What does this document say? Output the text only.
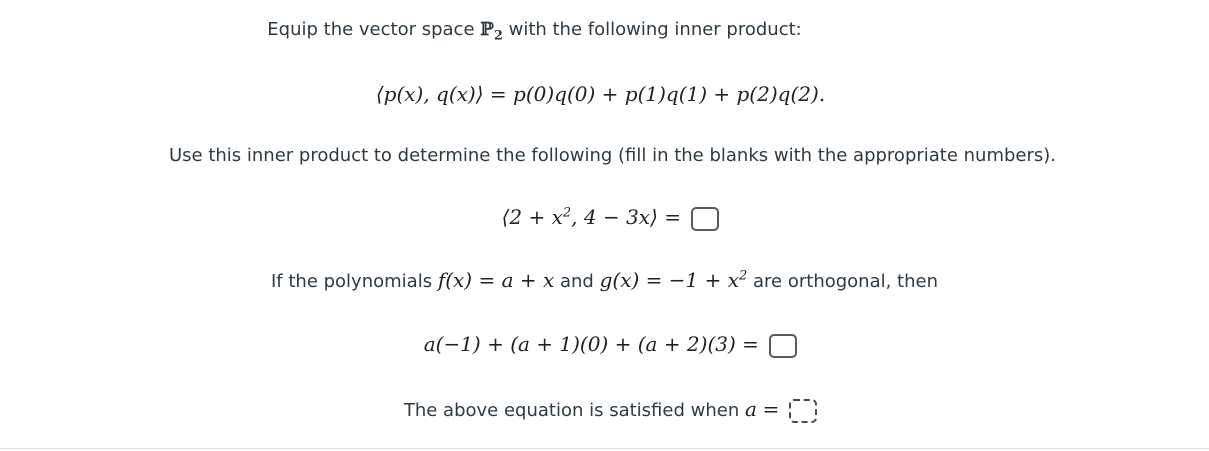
Equip the vector space ℙ$_2$ with the following inner product:
⟨p(x), q(x)⟩ = p(0)q(0) + p(1)q(1) + p(2)q(2).
Use this inner product to determine the following (fill in the blanks with the appropriate numbers).
⟨2 + $x^2$, 4 − 3x⟩ =
If the polynomials f(x) = a + x and $g(x) = -1 + x^2$ are orthogonal, then
a(−1) + (a + 1)(0) + (a + 2)(3) =
The above equation is satisfied when a =
